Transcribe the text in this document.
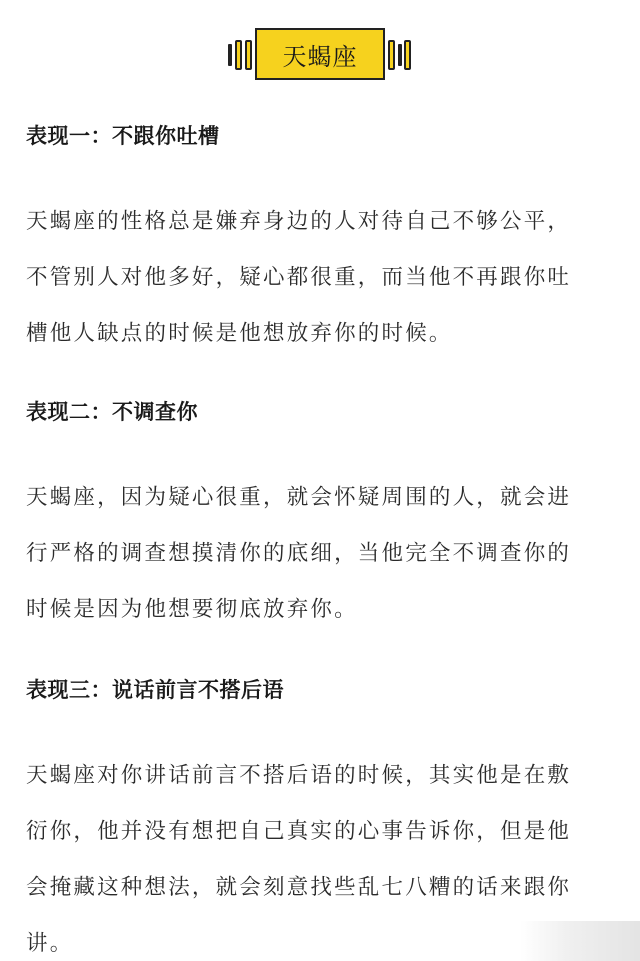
天蝎座
表现一：不跟你吐槽
天蝎座的性格总是嫌弃身边的人对待自己不够公平，
不管别人对他多好，疑心都很重，而当他不再跟你吐
槽他人缺点的时候是他想放弃你的时候。
表现二：不调查你
天蝎座，因为疑心很重，就会怀疑周围的人，就会进
行严格的调查想摸清你的底细，当他完全不调查你的
时候是因为他想要彻底放弃你。
表现三：说话前言不搭后语
天蝎座对你讲话前言不搭后语的时候，其实他是在敷
衍你，他并没有想把自己真实的心事告诉你，但是他
会掩藏这种想法，就会刻意找些乱七八糟的话来跟你
讲。
